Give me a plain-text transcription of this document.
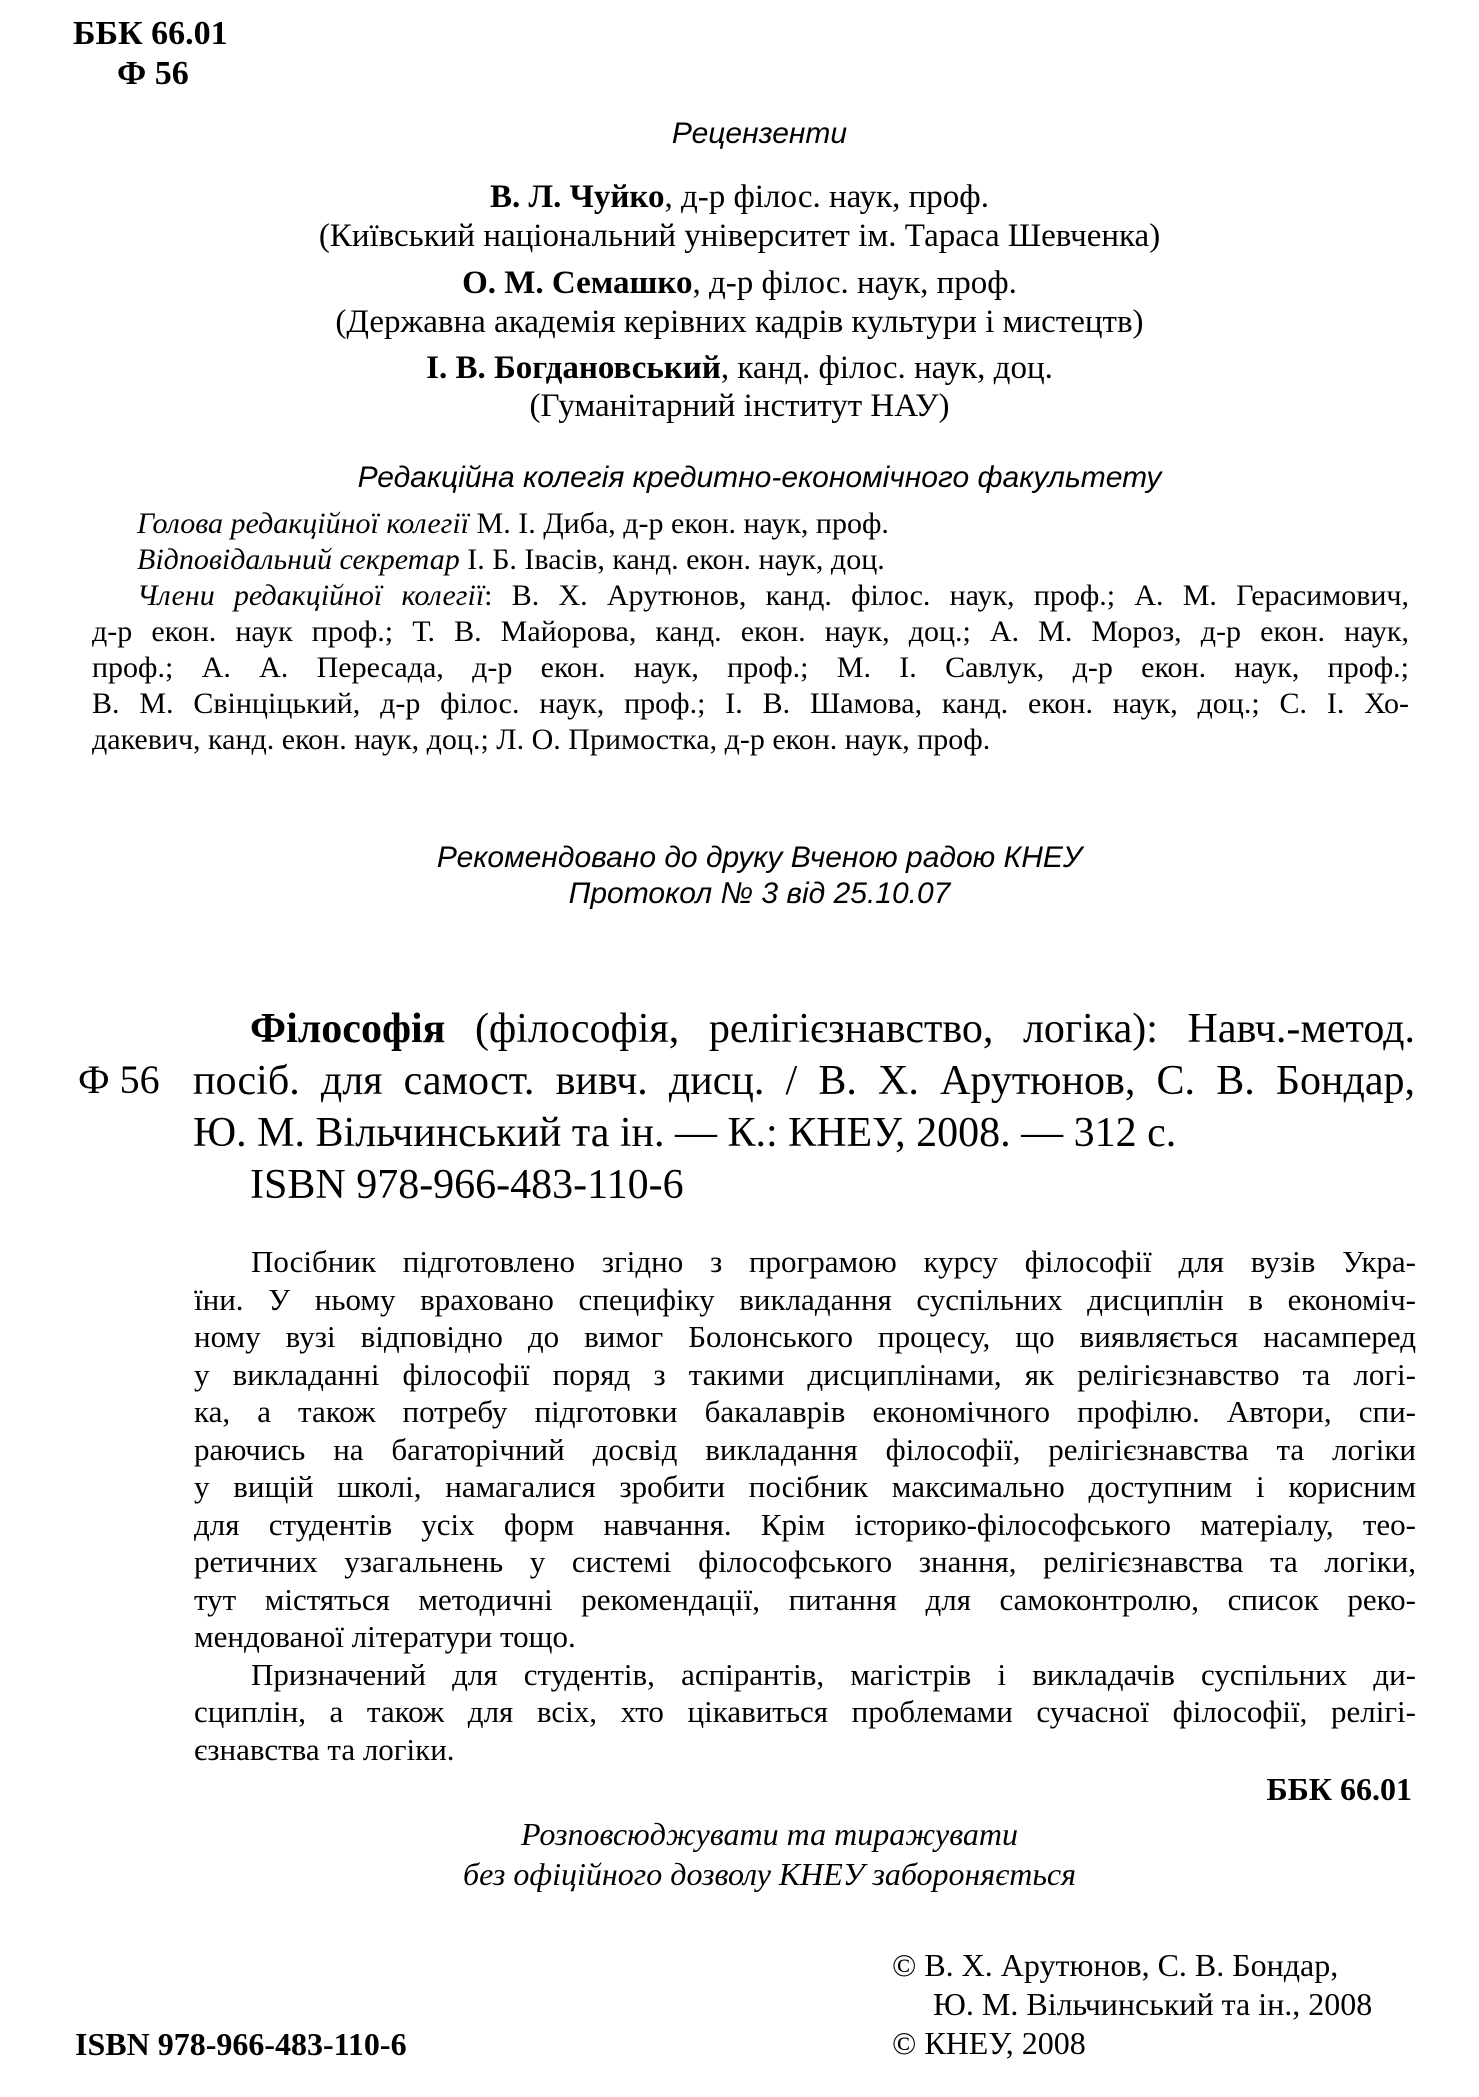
ББК 66.01
Ф 56
Рецензенти
В. Л. Чуйко, д-р філос. наук, проф.
(Київський національний університет ім. Тараса Шевченка)
О. М. Семашко, д-р філос. наук, проф.
(Державна академія керівних кадрів культури і мистецтв)
І. В. Богдановський, канд. філос. наук, доц.
(Гуманітарний інститут НАУ)
Редакційна колегія кредитно-економічного факультету
Голова редакційної колегії М. І. Диба, д-р екон. наук, проф.
Відповідальний секретар І. Б. Івасів, канд. екон. наук, доц.
Члени редакційної колегії: В. Х. Арутюнов, канд. філос. наук, проф.; А. М. Герасимович,
д-р екон. наук проф.; Т. В. Майорова, канд. екон. наук, доц.; А. М. Мороз, д-р екон. наук,
проф.; А. А. Пересада, д-р екон. наук, проф.; М. І. Савлук, д-р екон. наук, проф.;
В. М. Свінціцький, д-р філос. наук, проф.; І. В. Шамова, канд. екон. наук, доц.; С. І. Хо-
дакевич, канд. екон. наук, доц.; Л. О. Примостка, д-р екон. наук, проф.
Рекомендовано до друку Вченою радою КНЕУ
Протокол № 3 від 25.10.07
Ф 56
Філософія (філософія, релігієзнавство, логіка): Навч.-метод.
посіб. для самост. вивч. дисц. / В. Х. Арутюнов, С. В. Бондар,
Ю. М. Вільчинський та ін. — К.: КНЕУ, 2008. — 312 с.
ISBN 978-966-483-110-6
Посібник підготовлено згідно з програмою курсу філософії для вузів Укра-
їни. У ньому враховано специфіку викладання суспільних дисциплін в економіч-
ному вузі відповідно до вимог Болонського процесу, що виявляється насамперед
у викладанні філософії поряд з такими дисциплінами, як релігієзнавство та логі-
ка, а також потребу підготовки бакалаврів економічного профілю. Автори, спи-
раючись на багаторічний досвід викладання філософії, релігієзнавства та логіки
у вищій школі, намагалися зробити посібник максимально доступним і корисним
для студентів усіх форм навчання. Крім історико-філософського матеріалу, тео-
ретичних узагальнень у системі філософського знання, релігієзнавства та логіки,
тут містяться методичні рекомендації, питання для самоконтролю, список реко-
мендованої літератури тощо.
Призначений для студентів, аспірантів, магістрів і викладачів суспільних ди-
сциплін, а також для всіх, хто цікавиться проблемами сучасної філософії, релігі-
єзнавства та логіки.
ББК 66.01
Розповсюджувати та тиражувати
без офіційного дозволу КНЕУ забороняється
© В. Х. Арутюнов, С. В. Бондар,
Ю. М. Вільчинський та ін., 2008
© КНЕУ, 2008
ISBN 978-966-483-110-6
